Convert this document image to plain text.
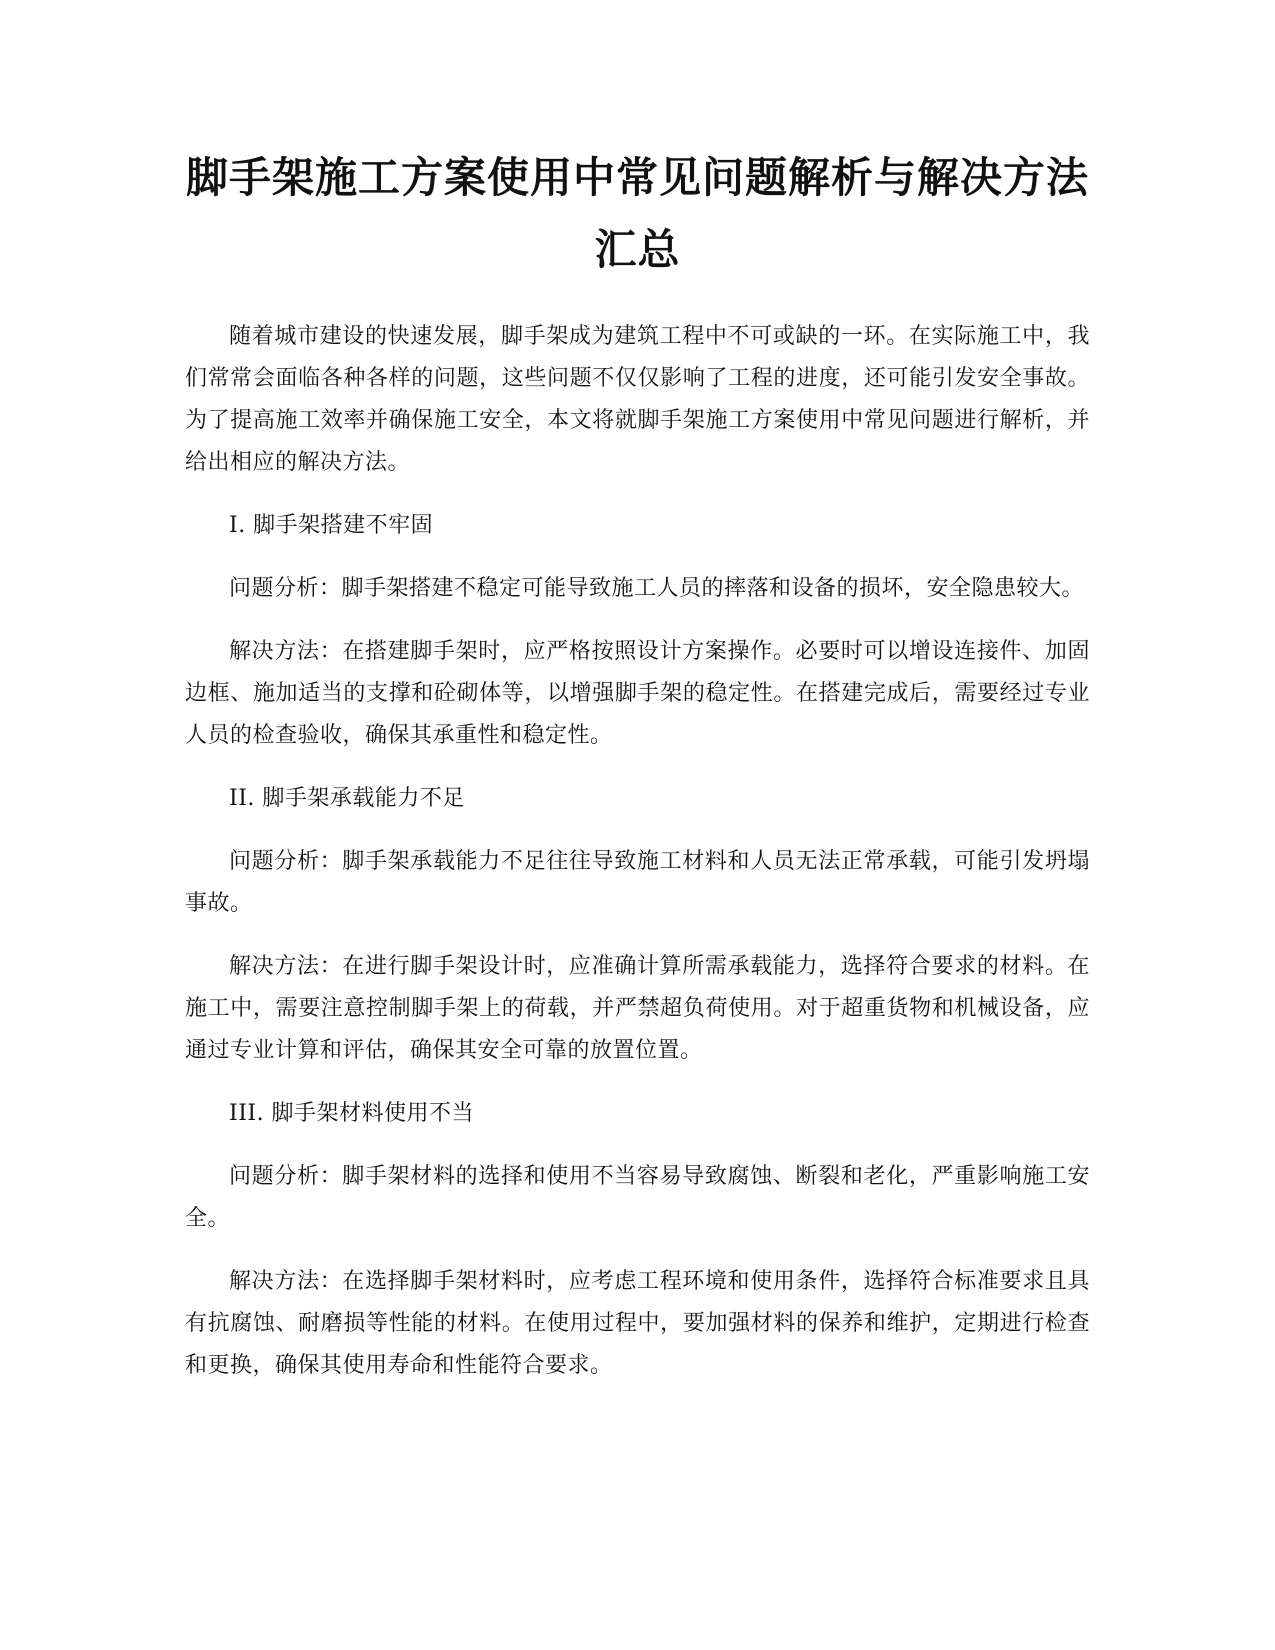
脚手架施工方案使用中常见问题解析与解决方法汇总

随着城市建设的快速发展，脚手架成为建筑工程中不可或缺的一环。在实际施工中，我们常常会面临各种各样的问题，这些问题不仅仅影响了工程的进度，还可能引发安全事故。为了提高施工效率并确保施工安全，本文将就脚手架施工方案使用中常见问题进行解析，并给出相应的解决方法。

I. 脚手架搭建不牢固

问题分析：脚手架搭建不稳定可能导致施工人员的摔落和设备的损坏，安全隐患较大。

解决方法：在搭建脚手架时，应严格按照设计方案操作。必要时可以增设连接件、加固边框、施加适当的支撑和砼砌体等，以增强脚手架的稳定性。在搭建完成后，需要经过专业人员的检查验收，确保其承重性和稳定性。

II. 脚手架承载能力不足

问题分析：脚手架承载能力不足往往导致施工材料和人员无法正常承载，可能引发坍塌事故。

解决方法：在进行脚手架设计时，应准确计算所需承载能力，选择符合要求的材料。在施工中，需要注意控制脚手架上的荷载，并严禁超负荷使用。对于超重货物和机械设备，应通过专业计算和评估，确保其安全可靠的放置位置。

III. 脚手架材料使用不当

问题分析：脚手架材料的选择和使用不当容易导致腐蚀、断裂和老化，严重影响施工安全。

解决方法：在选择脚手架材料时，应考虑工程环境和使用条件，选择符合标准要求且具有抗腐蚀、耐磨损等性能的材料。在使用过程中，要加强材料的保养和维护，定期进行检查和更换，确保其使用寿命和性能符合要求。
